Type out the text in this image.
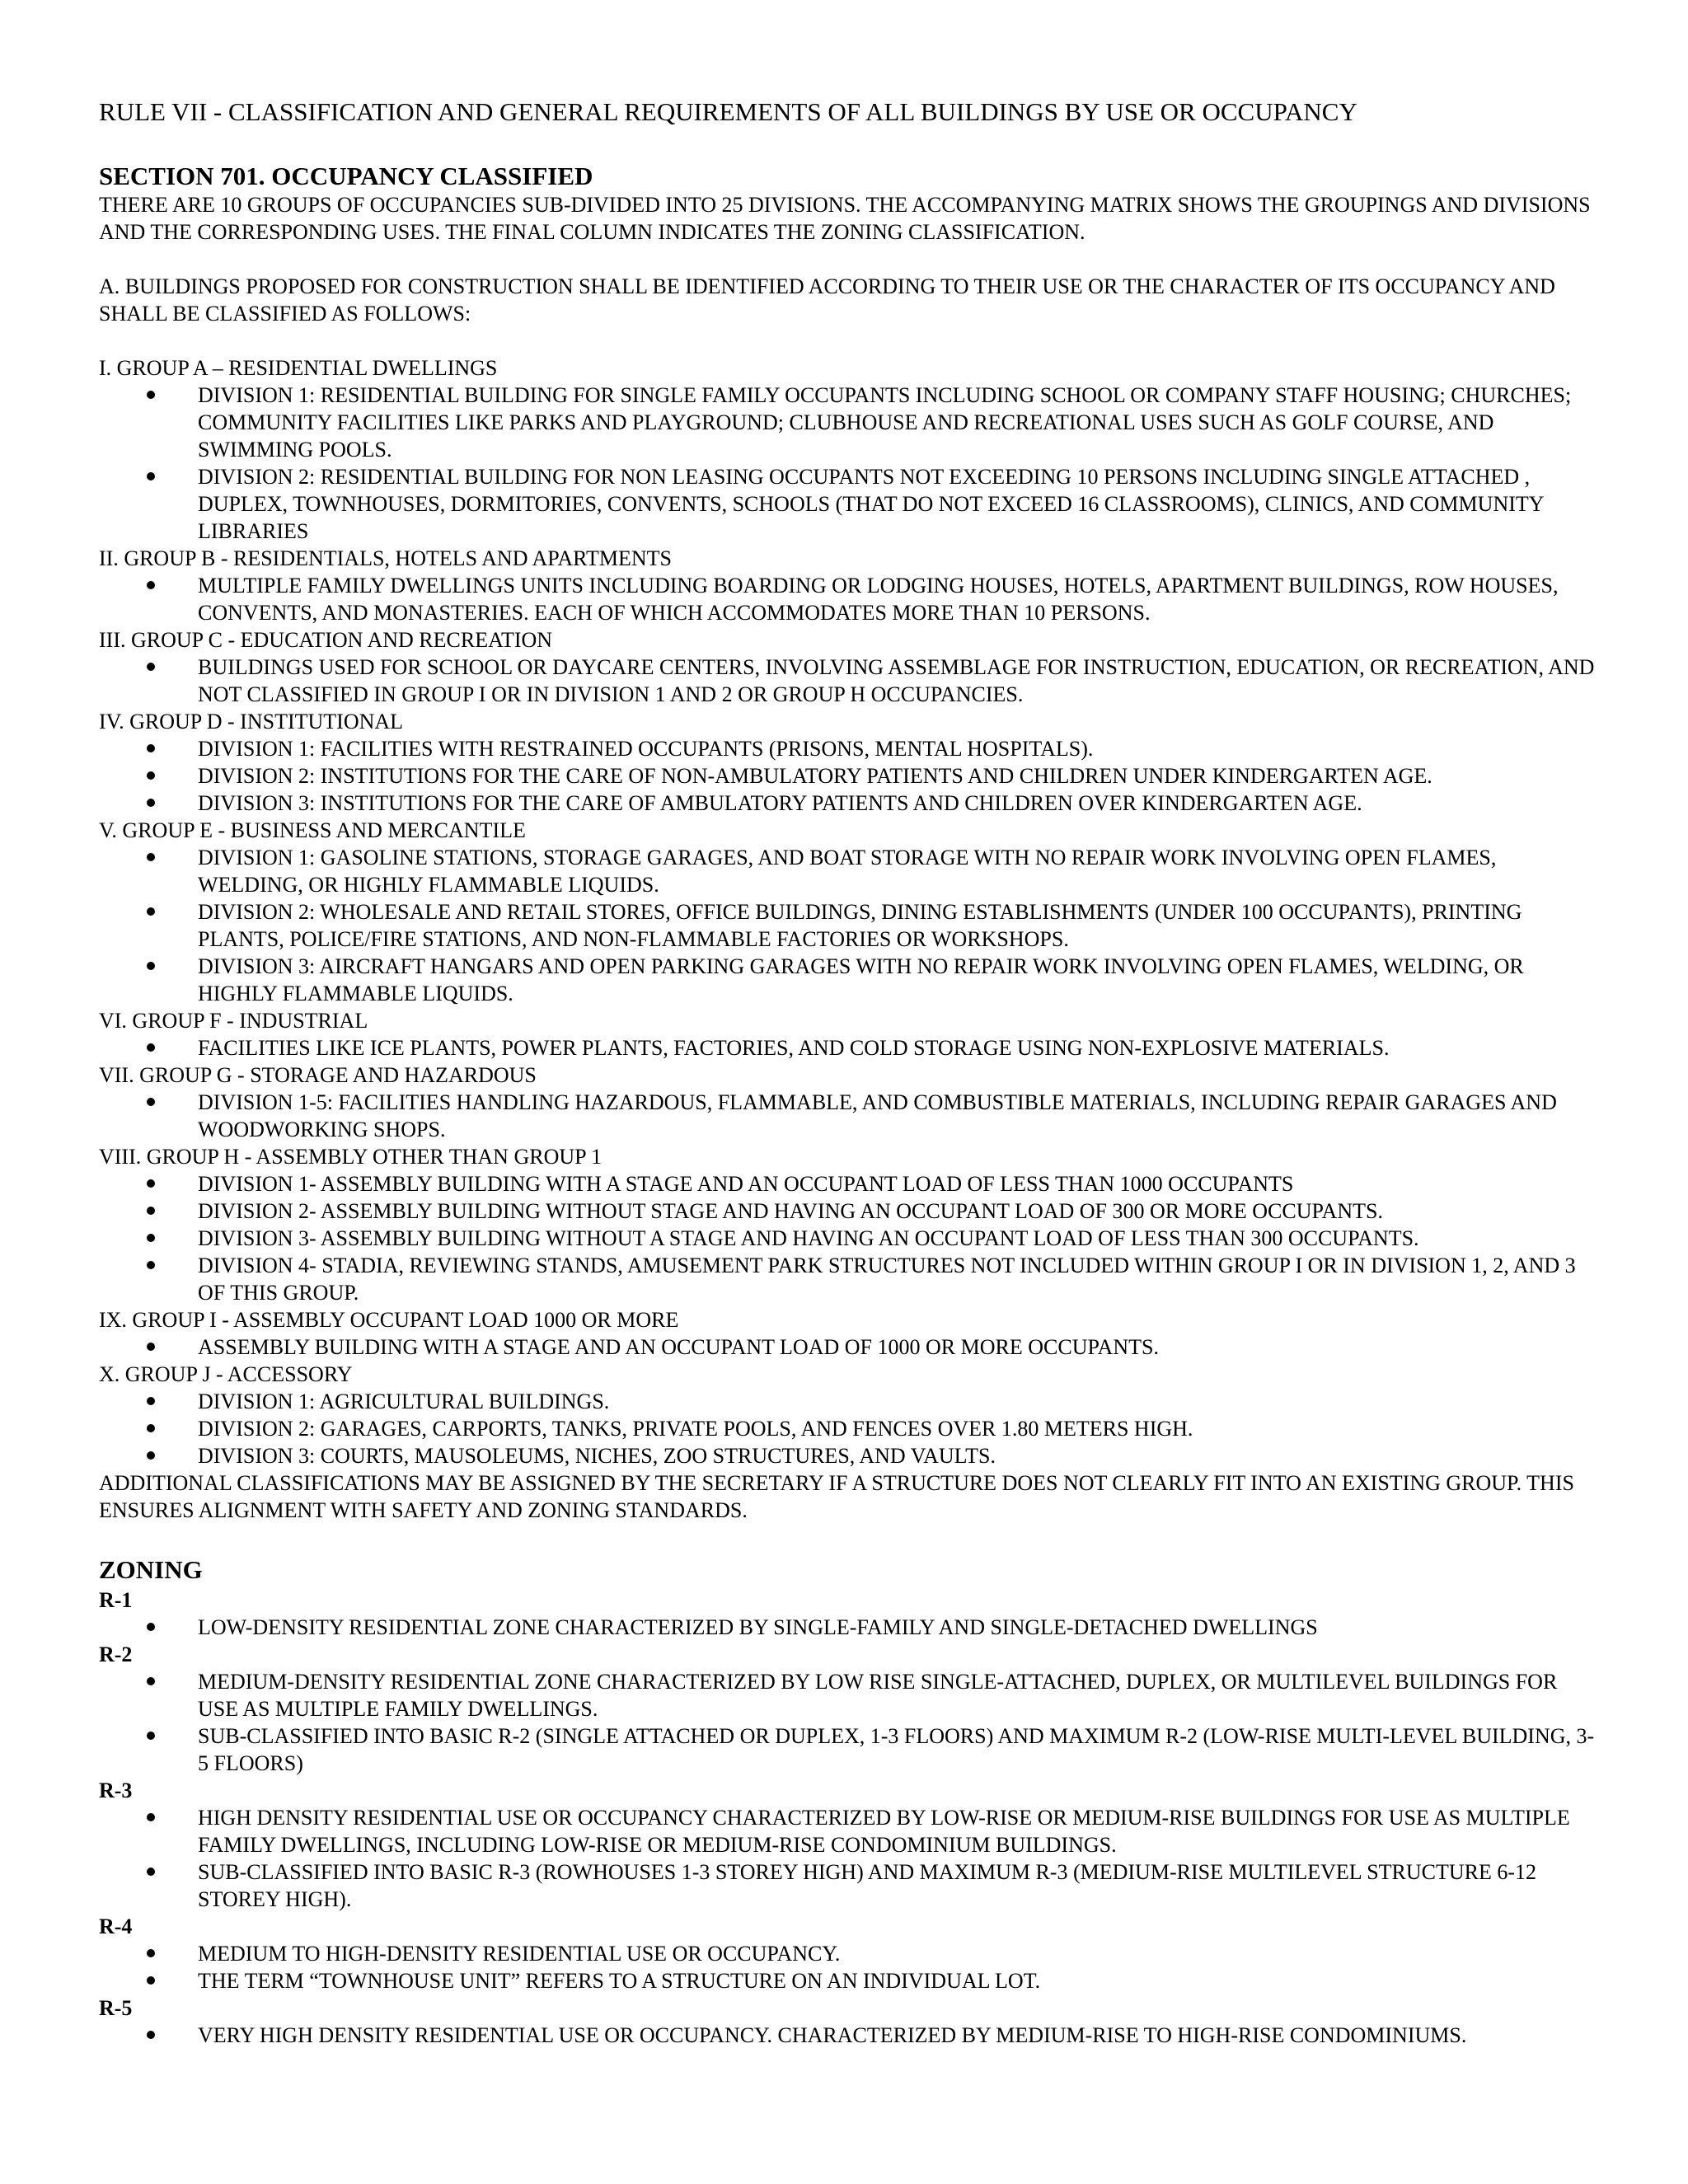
RULE VII - CLASSIFICATION AND GENERAL REQUIREMENTS OF ALL BUILDINGS BY USE OR OCCUPANCY
SECTION 701. OCCUPANCY CLASSIFIED

THERE ARE 10 GROUPS OF OCCUPANCIES SUB-DIVIDED INTO 25 DIVISIONS. THE ACCOMPANYING MATRIX SHOWS THE GROUPINGS AND DIVISIONS AND THE CORRESPONDING USES. THE FINAL COLUMN INDICATES THE ZONING CLASSIFICATION.

A. BUILDINGS PROPOSED FOR CONSTRUCTION SHALL BE IDENTIFIED ACCORDING TO THEIR USE OR THE CHARACTER OF ITS OCCUPANCY AND SHALL BE CLASSIFIED AS FOLLOWS:

I. GROUP A – RESIDENTIAL DWELLINGS
DIVISION 1: RESIDENTIAL BUILDING FOR SINGLE FAMILY OCCUPANTS INCLUDING SCHOOL OR COMPANY STAFF HOUSING; CHURCHES; COMMUNITY FACILITIES LIKE PARKS AND PLAYGROUND; CLUBHOUSE AND RECREATIONAL USES SUCH AS GOLF COURSE, AND SWIMMING POOLS.
DIVISION 2: RESIDENTIAL BUILDING FOR NON LEASING OCCUPANTS NOT EXCEEDING 10 PERSONS INCLUDING SINGLE ATTACHED , DUPLEX, TOWNHOUSES, DORMITORIES, CONVENTS, SCHOOLS (THAT DO NOT EXCEED 16 CLASSROOMS), CLINICS, AND COMMUNITY LIBRARIES
II. GROUP B - RESIDENTIALS, HOTELS AND APARTMENTS
MULTIPLE FAMILY DWELLINGS UNITS INCLUDING BOARDING OR LODGING HOUSES, HOTELS, APARTMENT BUILDINGS, ROW HOUSES, CONVENTS, AND MONASTERIES. EACH OF WHICH ACCOMMODATES MORE THAN 10 PERSONS.
III. GROUP C - EDUCATION AND RECREATION
BUILDINGS USED FOR SCHOOL OR DAYCARE CENTERS, INVOLVING ASSEMBLAGE FOR INSTRUCTION, EDUCATION, OR RECREATION, AND NOT CLASSIFIED IN GROUP I OR IN DIVISION 1 AND 2 OR GROUP H OCCUPANCIES.
IV. GROUP D - INSTITUTIONAL
DIVISION 1: FACILITIES WITH RESTRAINED OCCUPANTS (PRISONS, MENTAL HOSPITALS).
DIVISION 2: INSTITUTIONS FOR THE CARE OF NON-AMBULATORY PATIENTS AND CHILDREN UNDER KINDERGARTEN AGE.
DIVISION 3: INSTITUTIONS FOR THE CARE OF AMBULATORY PATIENTS AND CHILDREN OVER KINDERGARTEN AGE.
V. GROUP E - BUSINESS AND MERCANTILE
DIVISION 1: GASOLINE STATIONS, STORAGE GARAGES, AND BOAT STORAGE WITH NO REPAIR WORK INVOLVING OPEN FLAMES, WELDING, OR HIGHLY FLAMMABLE LIQUIDS.
DIVISION 2: WHOLESALE AND RETAIL STORES, OFFICE BUILDINGS, DINING ESTABLISHMENTS (UNDER 100 OCCUPANTS), PRINTING PLANTS, POLICE/FIRE STATIONS, AND NON-FLAMMABLE FACTORIES OR WORKSHOPS.
DIVISION 3: AIRCRAFT HANGARS AND OPEN PARKING GARAGES WITH NO REPAIR WORK INVOLVING OPEN FLAMES, WELDING, OR HIGHLY FLAMMABLE LIQUIDS.
VI. GROUP F - INDUSTRIAL
FACILITIES LIKE ICE PLANTS, POWER PLANTS, FACTORIES, AND COLD STORAGE USING NON-EXPLOSIVE MATERIALS.
VII. GROUP G - STORAGE AND HAZARDOUS
DIVISION 1-5: FACILITIES HANDLING HAZARDOUS, FLAMMABLE, AND COMBUSTIBLE MATERIALS, INCLUDING REPAIR GARAGES AND WOODWORKING SHOPS.
VIII. GROUP H - ASSEMBLY OTHER THAN GROUP 1
DIVISION 1- ASSEMBLY BUILDING WITH A STAGE AND AN OCCUPANT LOAD OF LESS THAN 1000 OCCUPANTS
DIVISION 2- ASSEMBLY BUILDING WITHOUT STAGE AND HAVING AN OCCUPANT LOAD OF 300 OR MORE OCCUPANTS.
DIVISION 3- ASSEMBLY BUILDING WITHOUT A STAGE AND HAVING AN OCCUPANT LOAD OF LESS THAN 300 OCCUPANTS.
DIVISION 4- STADIA, REVIEWING STANDS, AMUSEMENT PARK STRUCTURES NOT INCLUDED WITHIN GROUP I OR IN DIVISION 1, 2, AND 3 OF THIS GROUP.
IX. GROUP I - ASSEMBLY OCCUPANT LOAD 1000 OR MORE
ASSEMBLY BUILDING WITH A STAGE AND AN OCCUPANT LOAD OF 1000 OR MORE OCCUPANTS.
X. GROUP J - ACCESSORY
DIVISION 1: AGRICULTURAL BUILDINGS.
DIVISION 2: GARAGES, CARPORTS, TANKS, PRIVATE POOLS, AND FENCES OVER 1.80 METERS HIGH.
DIVISION 3: COURTS, MAUSOLEUMS, NICHES, ZOO STRUCTURES, AND VAULTS.

ADDITIONAL CLASSIFICATIONS MAY BE ASSIGNED BY THE SECRETARY IF A STRUCTURE DOES NOT CLEARLY FIT INTO AN EXISTING GROUP. THIS ENSURES ALIGNMENT WITH SAFETY AND ZONING STANDARDS.

ZONING
R-1
LOW-DENSITY RESIDENTIAL ZONE CHARACTERIZED BY SINGLE-FAMILY AND SINGLE-DETACHED DWELLINGS
R-2
MEDIUM-DENSITY RESIDENTIAL ZONE CHARACTERIZED BY LOW RISE SINGLE-ATTACHED, DUPLEX, OR MULTILEVEL BUILDINGS FOR USE AS MULTIPLE FAMILY DWELLINGS.
SUB-CLASSIFIED INTO BASIC R-2 (SINGLE ATTACHED OR DUPLEX, 1-3 FLOORS) AND MAXIMUM R-2 (LOW-RISE MULTI-LEVEL BUILDING, 3-5 FLOORS)
R-3
HIGH DENSITY RESIDENTIAL USE OR OCCUPANCY CHARACTERIZED BY LOW-RISE OR MEDIUM-RISE BUILDINGS FOR USE AS MULTIPLE FAMILY DWELLINGS, INCLUDING LOW-RISE OR MEDIUM-RISE CONDOMINIUM BUILDINGS.
SUB-CLASSIFIED INTO BASIC R-3 (ROWHOUSES 1-3 STOREY HIGH) AND MAXIMUM R-3 (MEDIUM-RISE MULTILEVEL STRUCTURE 6-12 STOREY HIGH).
R-4
MEDIUM TO HIGH-DENSITY RESIDENTIAL USE OR OCCUPANCY.
THE TERM “TOWNHOUSE UNIT” REFERS TO A STRUCTURE ON AN INDIVIDUAL LOT.
R-5
VERY HIGH DENSITY RESIDENTIAL USE OR OCCUPANCY. CHARACTERIZED BY MEDIUM-RISE TO HIGH-RISE CONDOMINIUMS.
